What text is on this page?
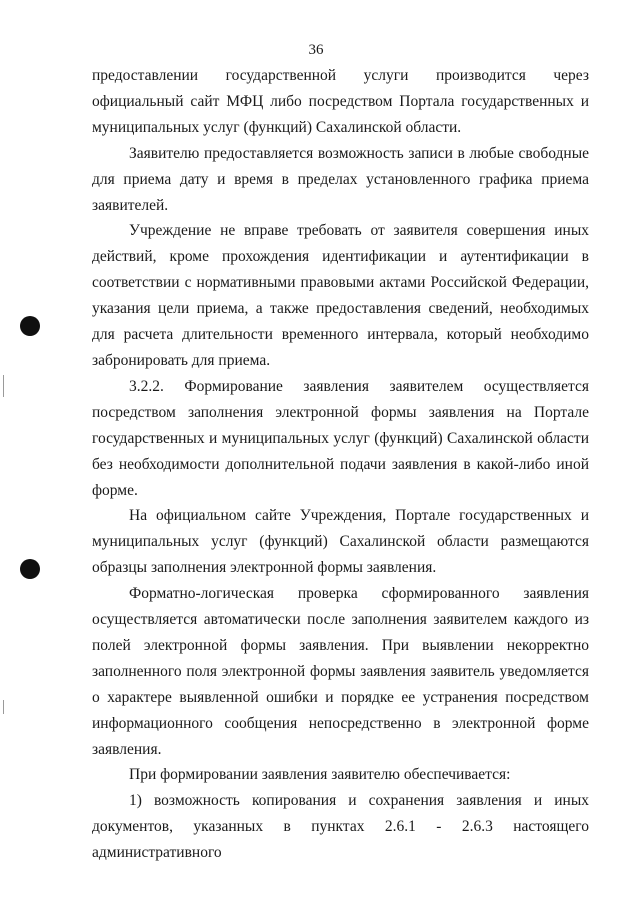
36

предоставлении государственной услуги производится через официальный сайт МФЦ либо посредством Портала государственных и муниципальных услуг (функций) Сахалинской области.

Заявителю предоставляется возможность записи в любые свободные для приема дату и время в пределах установленного графика приема заявителей.

Учреждение не вправе требовать от заявителя совершения иных действий, кроме прохождения идентификации и аутентификации в соответствии с нормативными правовыми актами Российской Федерации, указания цели приема, а также предоставления сведений, необходимых для расчета длительности временного интервала, который необходимо забронировать для приема.

3.2.2. Формирование заявления заявителем осуществляется посредством заполнения электронной формы заявления на Портале государственных и муниципальных услуг (функций) Сахалинской области без необходимости дополнительной подачи заявления в какой-либо иной форме.

На официальном сайте Учреждения, Портале государственных и муниципальных услуг (функций) Сахалинской области размещаются образцы заполнения электронной формы заявления.

Форматно-логическая проверка сформированного заявления осуществляется автоматически после заполнения заявителем каждого из полей электронной формы заявления. При выявлении некорректно заполненного поля электронной формы заявления заявитель уведомляется о характере выявленной ошибки и порядке ее устранения посредством информационного сообщения непосредственно в электронной форме заявления.

При формировании заявления заявителю обеспечивается:

1) возможность копирования и сохранения заявления и иных документов, указанных в пунктах 2.6.1 - 2.6.3 настоящего административного
